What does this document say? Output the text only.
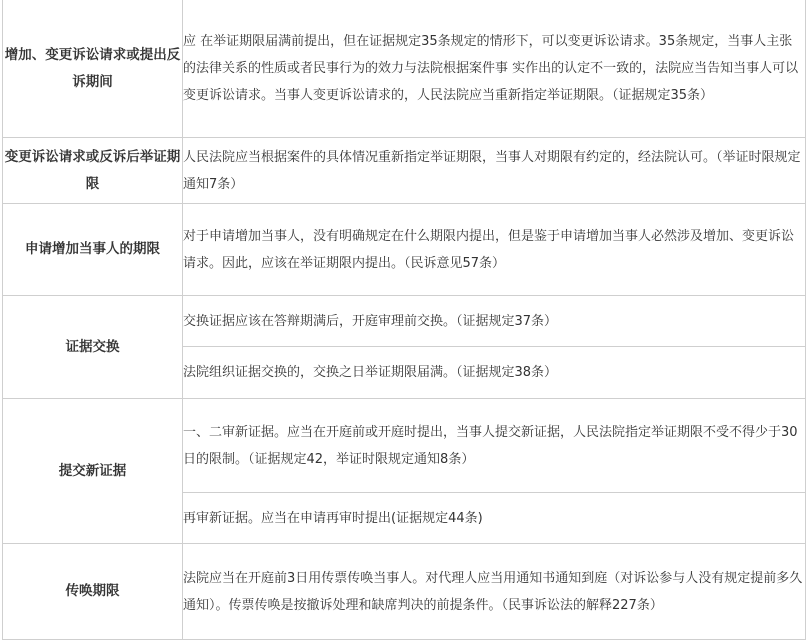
增加、变更诉讼请求或提出反诉期间	应 在举证期限届满前提出，但在证据规定35条规定的情形下，可以变更诉讼请求。35条规定，当事人主张的法律关系的性质或者民事行为的效力与法院根据案件事 实作出的认定不一致的，法院应当告知当事人可以变更诉讼请求。当事人变更诉讼请求的，人民法院应当重新指定举证期限。（证据规定35条）

变更诉讼请求或反诉后举证期限	人民法院应当根据案件的具体情况重新指定举证期限，当事人对期限有约定的，经法院认可。（举证时限规定通知7条）

申请增加当事人的期限	对于申请增加当事人，没有明确规定在什么期限内提出，但是鉴于申请增加当事人必然涉及增加、变更诉讼请求。因此，应该在举证期限内提出。（民诉意见57条）

证据交换	交换证据应该在答辩期满后，开庭审理前交换。（证据规定37条）

	法院组织证据交换的，交换之日举证期限届满。（证据规定38条）

提交新证据	一、二审新证据。应当在开庭前或开庭时提出，当事人提交新证据，人民法院指定举证期限不受不得少于30日的限制。（证据规定42，举证时限规定通知8条）

	再审新证据。应当在申请再审时提出(证据规定44条)

传唤期限	法院应当在开庭前3日用传票传唤当事人。对代理人应当用通知书通知到庭（对诉讼参与人没有规定提前多久通知）。传票传唤是按撤诉处理和缺席判决的前提条件。（民事诉讼法的解释227条）
